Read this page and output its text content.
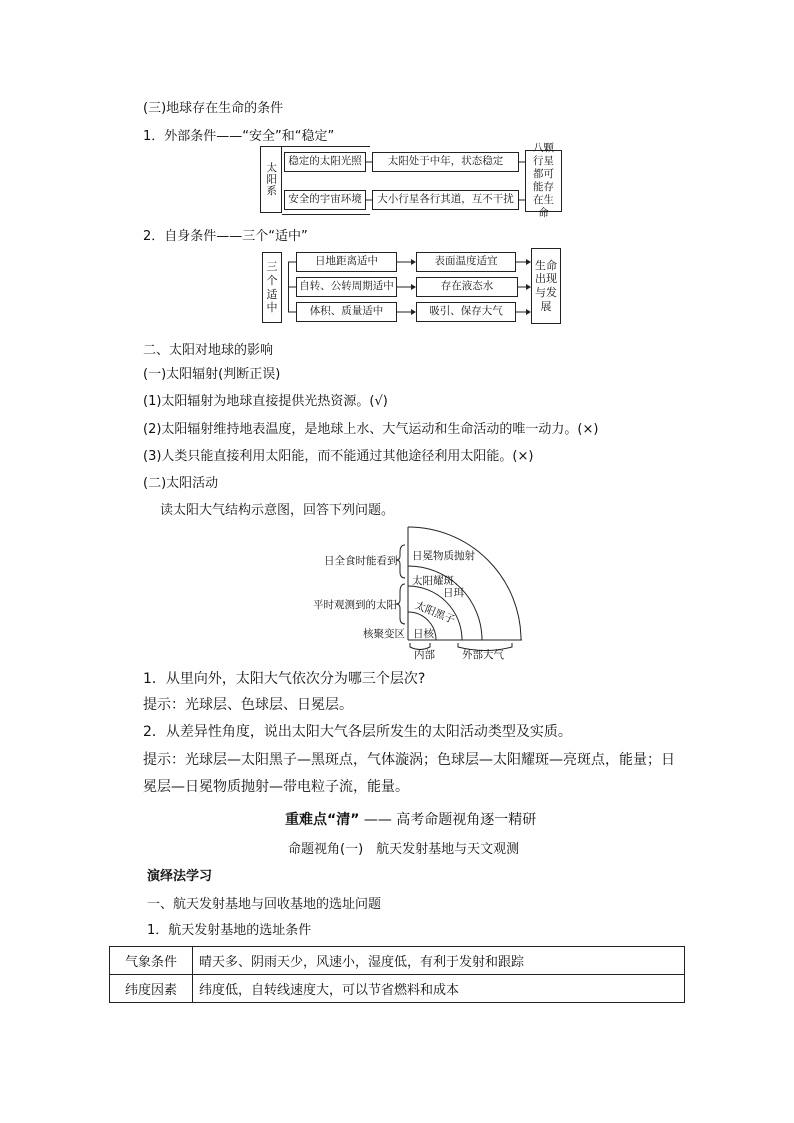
(三)地球存在生命的条件
1．外部条件——“安全”和“稳定”
太阳系
稳定的太阳光照	太阳处于中年，状态稳定
安全的宇宙环境	大小行星各行其道，互不干扰
八颗行星都可能存在生命
2．自身条件——三个“适中”
三个适中
日地距离适中
自转、公转周期适中
体积、质量适中
表面温度适宜
存在液态水
吸引、保存大气
生命出现与发展
二、太阳对地球的影响
(一)太阳辐射(判断正误)
(1)太阳辐射为地球直接提供光热资源。(√)
(2)太阳辐射维持地表温度，是地球上水、大气运动和生命活动的唯一动力。(×)
(3)人类只能直接利用太阳能，而不能通过其他途径利用太阳能。(×)
(二)太阳活动
读太阳大气结构示意图，回答下列问题。
日全食时能看到
平时观测到的太阳
核聚变区
日冕物质抛射
太阳耀斑、
日珥
太阳黑子
日核
内部	外部大气
1．从里向外，太阳大气依次分为哪三个层次?
提示：光球层、色球层、日冕层。
2．从差异性角度，说出太阳大气各层所发生的太阳活动类型及实质。
提示：光球层—太阳黑子—黑斑点，气体漩涡；色球层—太阳耀斑—亮斑点，能量；日
冕层—日冕物质抛射—带电粒子流，能量。
重难点“清” —— 高考命题视角逐一精研
命题视角(一)　航天发射基地与天文观测
演绎法学习
一、航天发射基地与回收基地的选址问题
1．航天发射基地的选址条件
气象条件	晴天多、阴雨天少，风速小，湿度低，有利于发射和跟踪
纬度因素	纬度低，自转线速度大，可以节省燃料和成本
